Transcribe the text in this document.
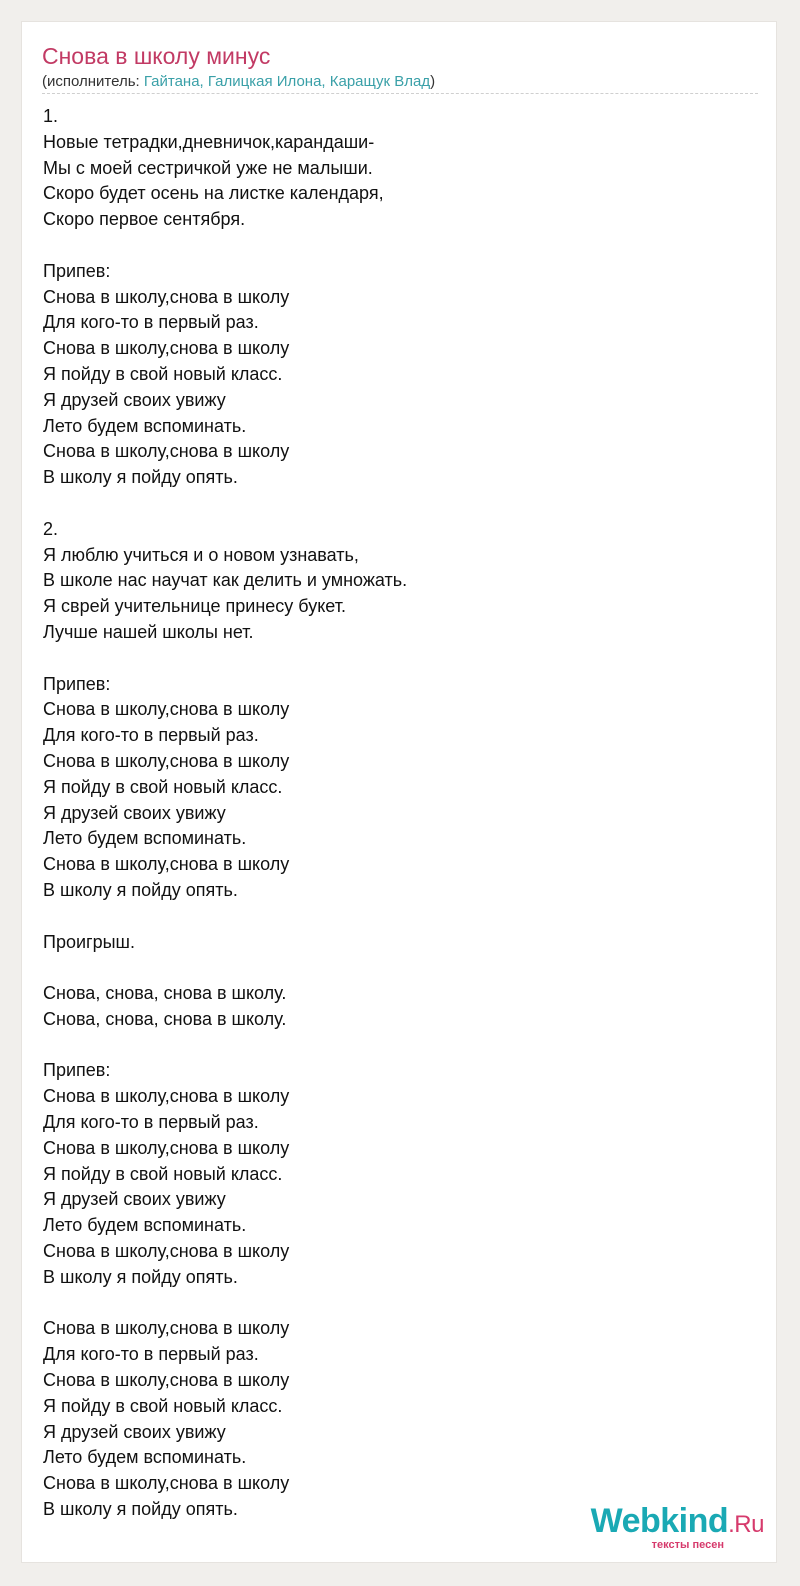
Снова в школу минус
(исполнитель: Гайтана, Галицкая Илона, Каращук Влад)
1.
Новые тетрадки,дневничок,карандаши-
Мы с моей сестричкой уже не малыши.
Скоро будет осень на листке календаря,
Скоро первое сентября.
Припев:
Снова в школу,снова в школу
Для кого-то в первый раз.
Снова в школу,снова в школу
Я пойду в свой новый класс.
Я друзей своих увижу
Лето будем вспоминать.
Снова в школу,снова в школу
В школу я пойду опять.
2.
Я люблю учиться и о новом узнавать,
В школе нас научат как делить и умножать.
Я сврей учительнице принесу букет.
Лучше нашей школы нет.
Припев:
Снова в школу,снова в школу
Для кого-то в первый раз.
Снова в школу,снова в школу
Я пойду в свой новый класс.
Я друзей своих увижу
Лето будем вспоминать.
Снова в школу,снова в школу
В школу я пойду опять.
Проигрыш.
Снова, снова, снова в школу.
Снова, снова, снова в школу.
Припев:
Снова в школу,снова в школу
Для кого-то в первый раз.
Снова в школу,снова в школу
Я пойду в свой новый класс.
Я друзей своих увижу
Лето будем вспоминать.
Снова в школу,снова в школу
В школу я пойду опять.
Снова в школу,снова в школу
Для кого-то в первый раз.
Снова в школу,снова в школу
Я пойду в свой новый класс.
Я друзей своих увижу
Лето будем вспоминать.
Снова в школу,снова в школу
В школу я пойду опять.	Webkind.Ru
тексты песен
